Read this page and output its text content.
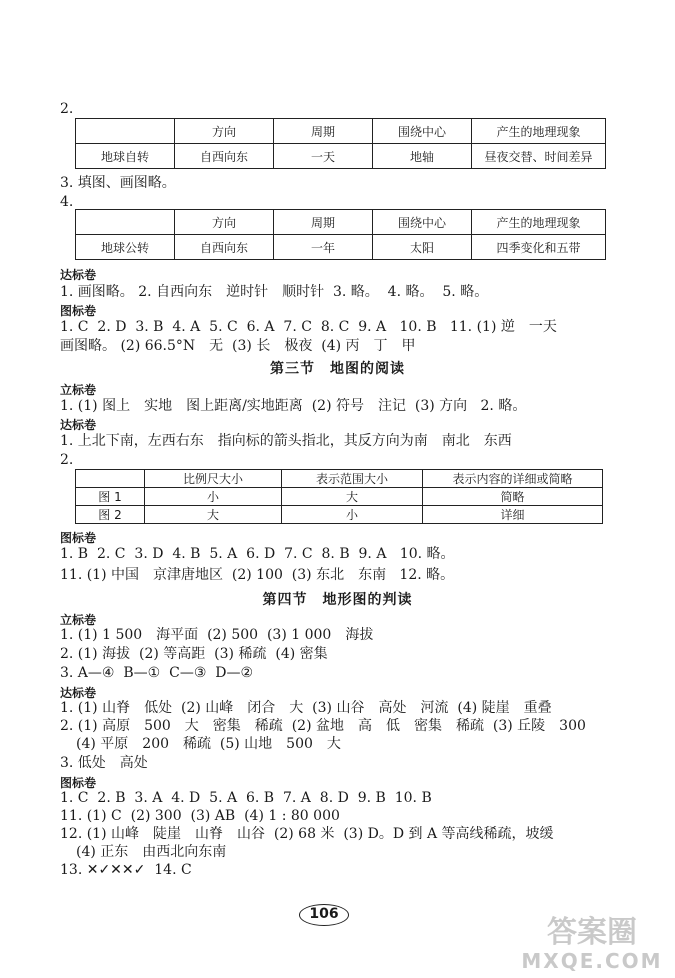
2.
	方向	周期	围绕中心	产生的地理现象
地球自转	自西向东	一天	地轴	昼夜交替、时间差异
3. 填图、画图略。
4.
	方向	周期	围绕中心	产生的地理现象
地球公转	自西向东	一年	太阳	四季变化和五带
达标卷
1. 画图略。 2. 自西向东　逆时针　顺时针  3. 略。  4. 略。  5. 略。
图标卷
1. C  2. D  3. B  4. A  5. C  6. A  7. C  8. C  9. A   10. B   11. (1) 逆　一天
画图略。 (2) 66.5°N　无  (3) 长　极夜  (4) 丙　丁　甲
第三节　地图的阅读
立标卷
1. (1) 图上　实地　图上距离/实地距离  (2) 符号　注记  (3) 方向   2. 略。
达标卷
1. 上北下南，左西右东　指向标的箭头指北，其反方向为南　南北　东西
2.
	比例尺大小	表示范围大小	表示内容的详细或简略
图 1	小	大	简略
图 2	大	小	详细
图标卷
1. B  2. C  3. D  4. B  5. A  6. D  7. C  8. B  9. A   10. 略。
11. (1) 中国　京津唐地区  (2) 100  (3) 东北　东南   12. 略。
第四节　地形图的判读
立标卷
1. (1) 1 500　海平面  (2) 500  (3) 1 000　海拔
2. (1) 海拔  (2) 等高距  (3) 稀疏  (4) 密集
3. A—④  B—①  C—③  D—②
达标卷
1. (1) 山脊　低处  (2) 山峰　闭合　大  (3) 山谷　高处　河流  (4) 陡崖　重叠
2. (1) 高原　500　大　密集　稀疏  (2) 盆地　高　低　密集　稀疏  (3) 丘陵　300
(4) 平原　200　稀疏  (5) 山地　500　大
3. 低处　高处
图标卷
1. C  2. B  3. A  4. D  5. A  6. B  7. A  8. D  9. B  10. B
11. (1) C  (2) 300  (3) AB  (4) 1 : 80 000
12. (1) 山峰　陡崖　山脊　山谷  (2) 68 米  (3) D。D 到 A 等高线稀疏，坡缓
(4) 正东　由西北向东南
13. ✕✓✕✕✓  14. C
106
答案圈
MXQE.COM
